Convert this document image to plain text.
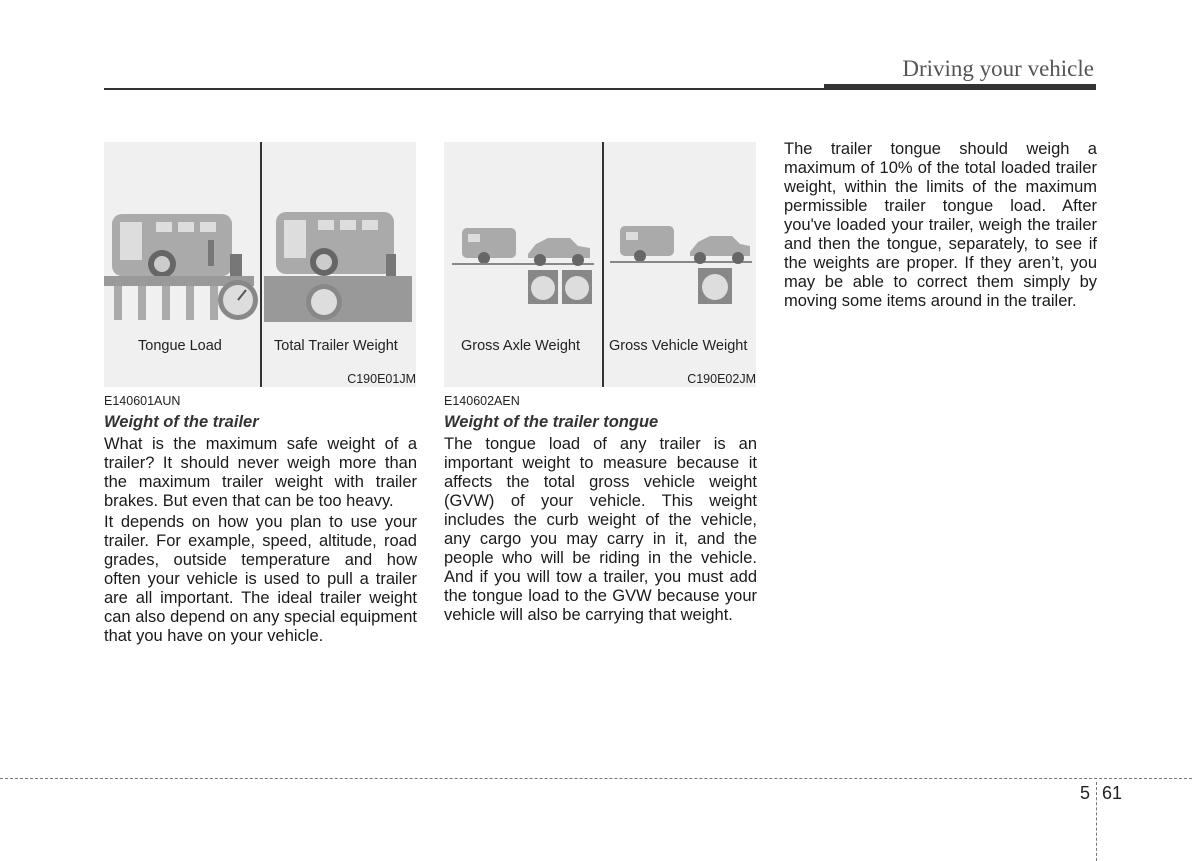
Driving your vehicle
Tongue Load	Total Trailer Weight
C190E01JM
Gross Axle Weight Gross Vehicle Weight
C190E02JM
E140601AUN
Weight of the trailer
What is the maximum safe weight of a trailer? It should never weigh more than the maximum trailer weight with trailer brakes. But even that can be too heavy.
It depends on how you plan to use your trailer. For example, speed, altitude, road grades, outside temperature and how often your vehicle is used to pull a trailer are all important. The ideal trailer weight can also depend on any special equipment that you have on your vehicle.
E140602AEN
Weight of the trailer tongue
The tongue load of any trailer is an important weight to measure because it affects the total gross vehicle weight (GVW) of your vehicle. This weight includes the curb weight of the vehicle, any cargo you may carry in it, and the people who will be riding in the vehicle. And if you will tow a trailer, you must add the tongue load to the GVW because your vehicle will also be carrying that weight.
The trailer tongue should weigh a maximum of 10% of the total loaded trailer weight, within the limits of the maximum permissible trailer tongue load. After you've loaded your trailer, weigh the trailer and then the tongue, separately, to see if the weights are proper. If they aren’t, you may be able to correct them simply by moving some items around in the trailer.
5 61
